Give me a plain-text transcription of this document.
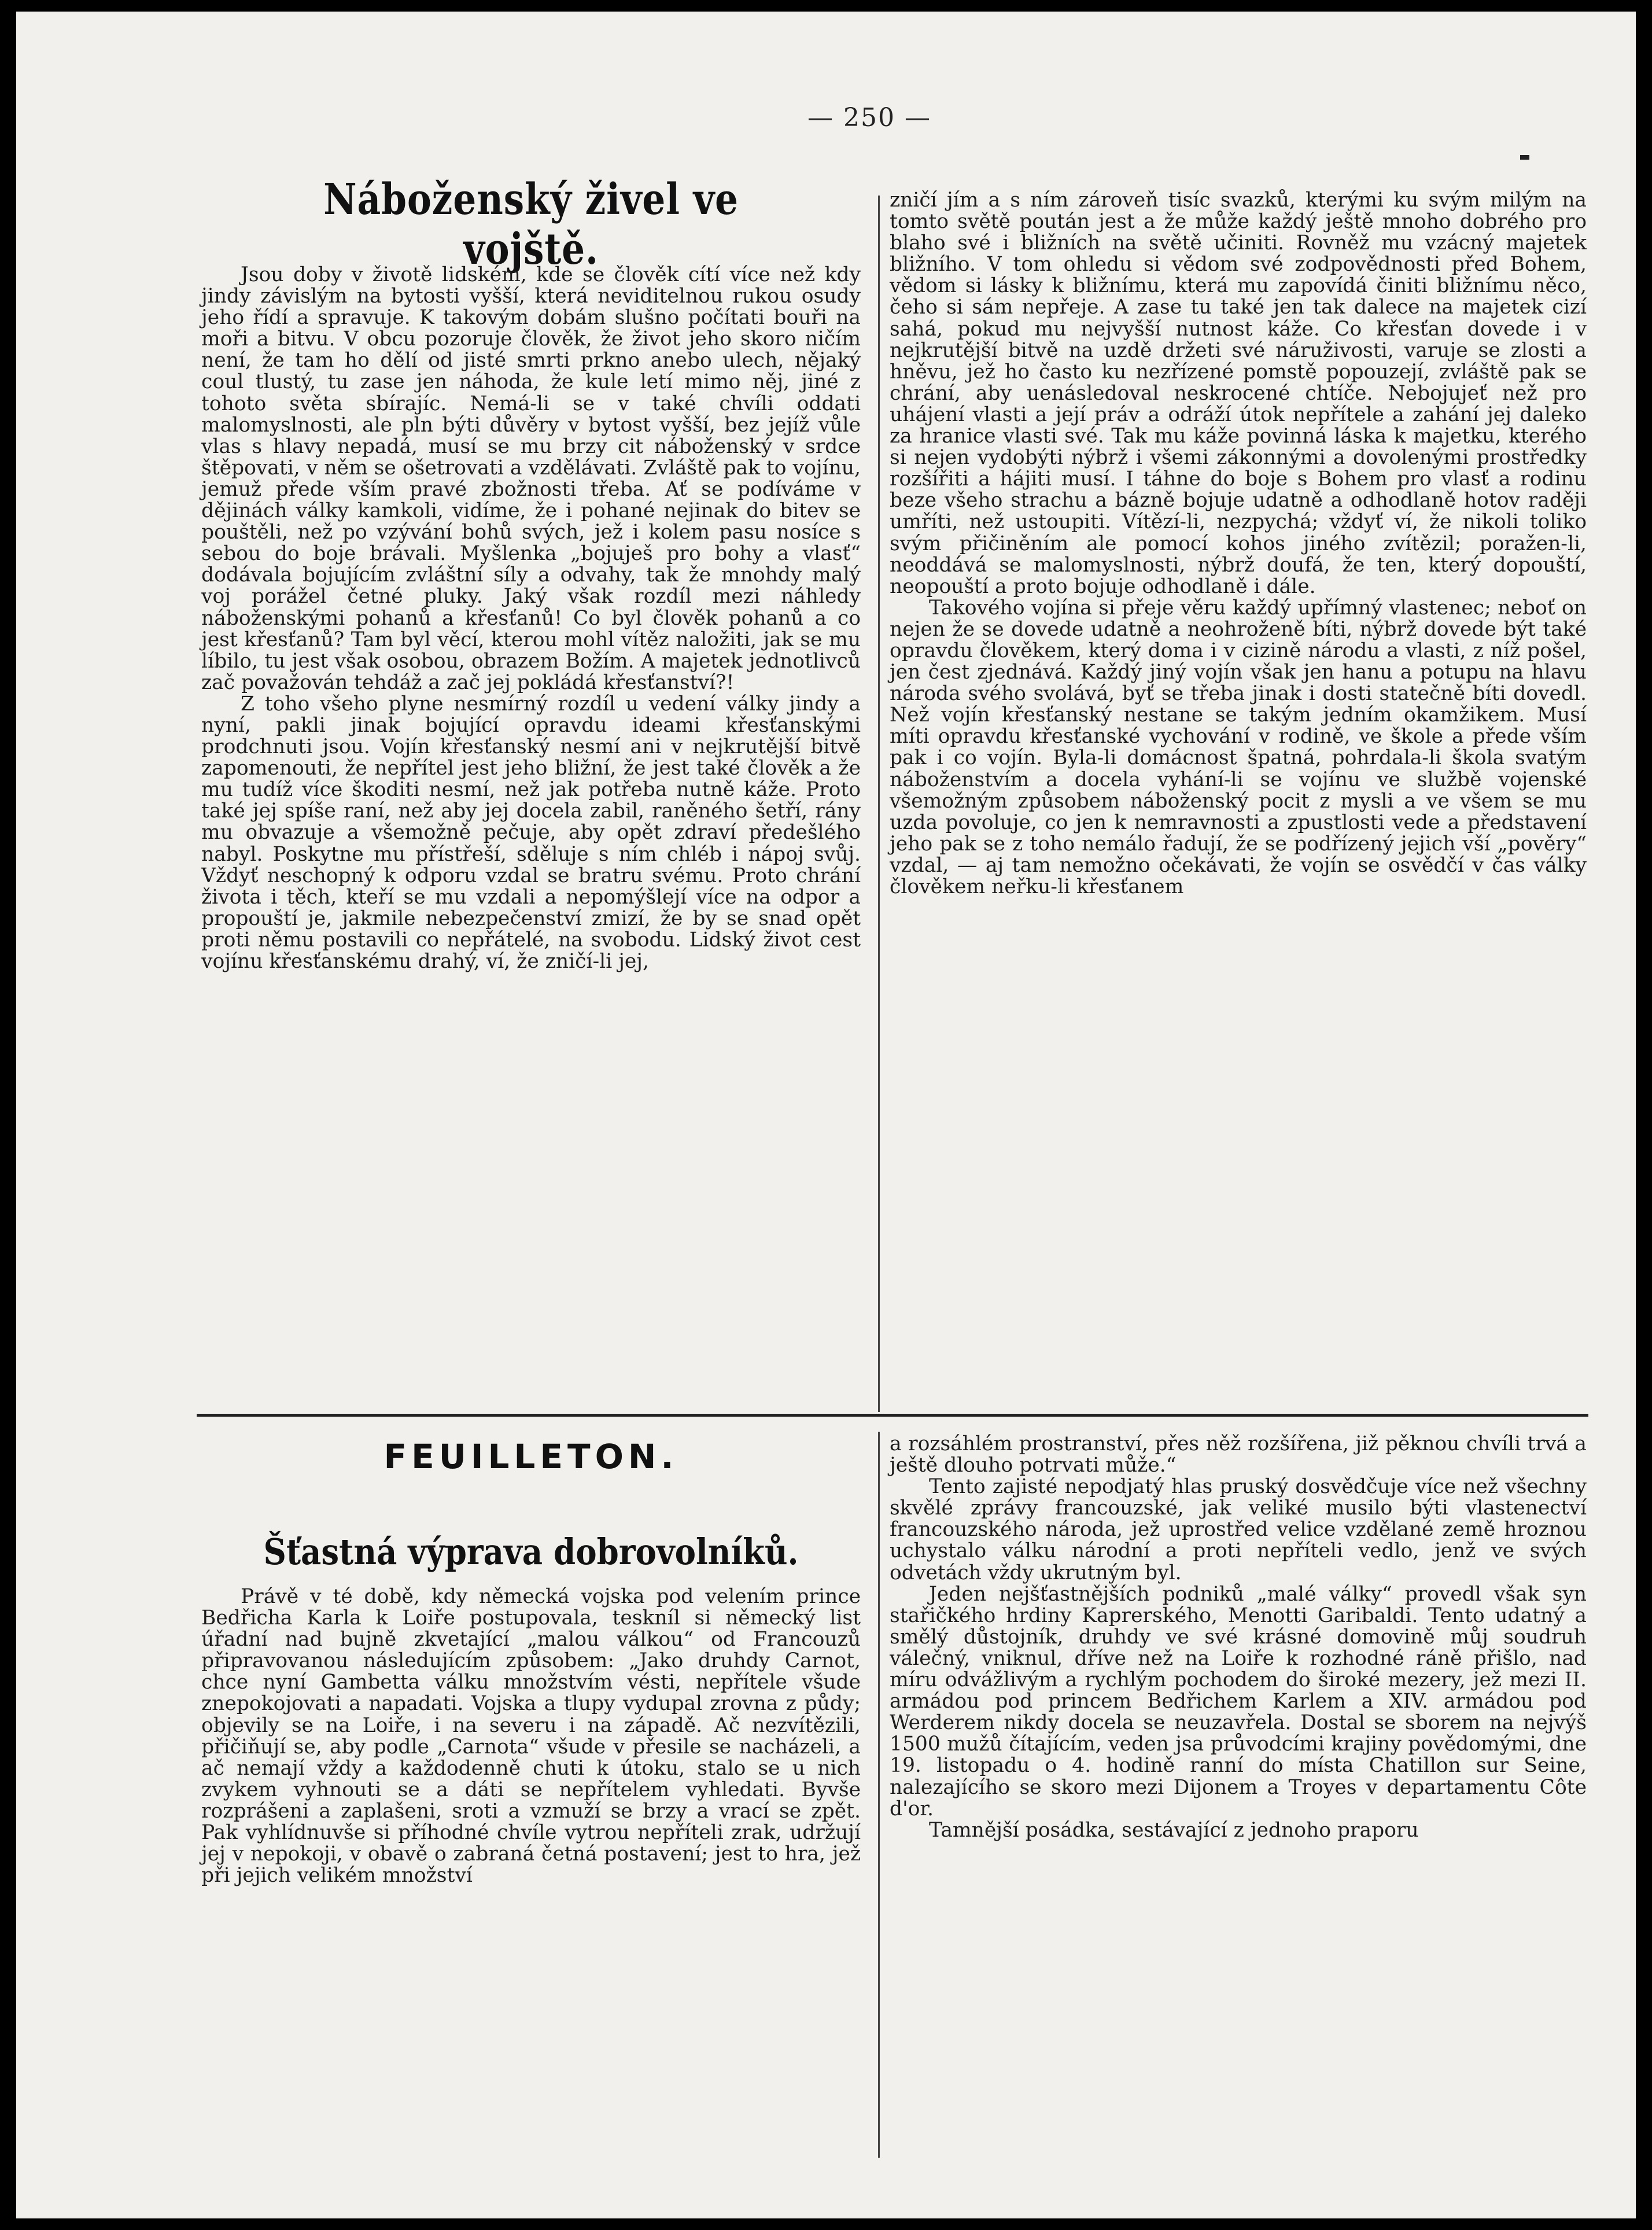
— 250 —
Náboženský živel ve vojště.

Jsou doby v životě lidském, kde se člověk cítí více než kdy jindy závislým na bytosti vyšší, která neviditelnou rukou osudy jeho řídí a spravuje. K takovým dobám slušno počítati bouři na moři a bitvu. V obcu pozoruje člověk, že život jeho skoro ničím není, že tam ho dělí od jisté smrti prkno anebo ulech, nějaký coul tlustý, tu zase jen náhoda, že kule letí mimo něj, jiné z tohoto světa sbírajíc. Nemá-li se v také chvíli oddati malomyslnosti, ale pln býti důvěry v bytost vyšší, bez jejíž vůle vlas s hlavy nepadá, musí se mu brzy cit náboženský v srdce štěpovati, v něm se ošetrovati a vzdělávati. Zvláště pak to vojínu, jemuž přede vším pravé zbožnosti třeba. Ať se podíváme v dějinách války kamkoli, vidíme, že i pohané nejinak do bitev se pouštěli, než po vzývání bohů svých, jež i kolem pasu nosíce s sebou do boje brávali. Myšlenka „bojuješ pro bohy a vlasť“ dodávala bojujícím zvláštní síly a odvahy, tak že mnohdy malý voj porážel četné pluky. Jaký však rozdíl mezi náhledy náboženskými pohanů a křesťanů! Co byl člověk pohanů a co jest křesťanů? Tam byl věcí, kterou mohl vítěz naložiti, jak se mu líbilo, tu jest však osobou, obrazem Božím. A majetek jednotlivců zač považován tehdáž a zač jej pokládá křesťanství?!

Z toho všeho plyne nesmírný rozdíl u vedení války jindy a nyní, pakli jinak bojující opravdu ideami křesťanskými prodchnuti jsou. Vojín křesťanský nesmí ani v nejkrutější bitvě zapomenouti, že nepřítel jest jeho bližní, že jest také člověk a že mu tudíž více škoditi nesmí, než jak potřeba nutně káže. Proto také jej spíše raní, než aby jej docela zabil, raněného šetří, rány mu obvazuje a všemožně pečuje, aby opět zdraví předešlého nabyl. Poskytne mu přístřeší, sděluje s ním chléb i nápoj svůj. Vždyť neschopný k odporu vzdal se bratru svému. Proto chrání života i těch, kteří se mu vzdali a nepomýšlejí více na odpor a propouští je, jakmile nebezpečenství zmizí, že by se snad opět proti němu postavili co nepřátelé, na svobodu. Lidský život cest vojínu křesťanskému drahý, ví, že zničí-li jej,

zničí jím a s ním zároveň tisíc svazků, kterými ku svým milým na tomto světě poután jest a že může každý ještě mnoho dobrého pro blaho své i bližních na světě učiniti. Rovněž mu vzácný majetek bližního. V tom ohledu si vědom své zodpovědnosti před Bohem, vědom si lásky k bližnímu, která mu zapovídá činiti bližnímu něco, čeho si sám nepřeje. A zase tu také jen tak dalece na majetek cizí sahá, pokud mu nejvyšší nutnost káže. Co křesťan dovede i v nejkrutější bitvě na uzdě držeti své náruživosti, varuje se zlosti a hněvu, jež ho často ku nezřízené pomstě popouzejí, zvláště pak se chrání, aby uenásledoval neskrocené chtíče. Nebojujeť než pro uhájení vlasti a její práv a odráží útok nepřítele a zahání jej daleko za hranice vlasti své. Tak mu káže povinná láska k majetku, kterého si nejen vydobýti nýbrž i všemi zákonnými a dovolenými prostředky rozšířiti a hájiti musí. I táhne do boje s Bohem pro vlasť a rodinu beze všeho strachu a bázně bojuje udatně a odhodlaně hotov raději umříti, než ustoupiti. Vítězí-li, nezpychá; vždyť ví, že nikoli toliko svým přičiněním ale pomocí kohos jiného zvítězil; poražen-li, neoddává se malomyslnosti, nýbrž doufá, že ten, který dopouští, neopouští a proto bojuje odhodlaně i dále.

Takového vojína si přeje věru každý upřímný vlastenec; neboť on nejen že se dovede udatně a neohroženě bíti, nýbrž dovede být také opravdu člověkem, který doma i v cizině národu a vlasti, z níž pošel, jen čest zjednává. Každý jiný vojín však jen hanu a potupu na hlavu národa svého svolává, byť se třeba jinak i dosti statečně bíti dovedl. Než vojín křesťanský nestane se takým jedním okamžikem. Musí míti opravdu křesťanské vychování v rodině, ve škole a přede vším pak i co vojín. Byla-li domácnost špatná, pohrdala-li škola svatým náboženstvím a docela vyhání-li se vojínu ve službě vojenské všemožným způsobem náboženský pocit z mysli a ve všem se mu uzda povoluje, co jen k nemravnosti a zpustlosti vede a představení jeho pak se z toho nemálo řadují, že se podřízený jejich vší „pověry“ vzdal, — aj tam nemožno očekávati, že vojín se osvědčí v čas války člověkem neřku-li křesťanem

FEUILLETON.
Šťastná výprava dobrovolníků.

Právě v té době, kdy německá vojska pod velením prince Bedřicha Karla k Loiře postupovala, teskníl si německý list úřadní nad bujně zkvetající „malou válkou“ od Francouzů připravovanou následujícím způsobem: „Jako druhdy Carnot, chce nyní Gambetta válku množstvím vésti, nepřítele všude znepokojovati a napadati. Vojska a tlupy vydupal zrovna z půdy; objevily se na Loiře, i na severu i na západě. Ač nezvítězili, přičiňují se, aby podle „Carnota“ všude v přesile se nacházeli, a ač nemají vždy a každodenně chuti k útoku, stalo se u nich zvykem vyhnouti se a dáti se nepřítelem vyhledati. Byvše rozprášeni a zaplašeni, sroti a vzmuží se brzy a vrací se zpět. Pak vyhlídnuvše si příhodné chvíle vytrou nepříteli zrak, udržují jej v nepokoji, v obavě o zabraná četná postavení; jest to hra, jež při jejich velikém množství

a rozsáhlém prostranství, přes něž rozšířena, již pěknou chvíli trvá a ještě dlouho potrvati může.“

Tento zajisté nepodjatý hlas pruský dosvědčuje více než všechny skvělé zprávy francouzské, jak veliké musilo býti vlastenectví francouzského národa, jež uprostřed velice vzdělané země hroznou uchystalo válku národní a proti nepříteli vedlo, jenž ve svých odvetách vždy ukrutným byl.

Jeden nejšťastnějších podniků „malé války“ provedl však syn stařičkého hrdiny Kaprerského, Menotti Garibaldi. Tento udatný a smělý důstojník, druhdy ve své krásné domovině můj soudruh válečný, vniknul, dříve než na Loiře k rozhodné ráně přišlo, nad míru odvážlivým a rychlým pochodem do široké mezery, jež mezi II. armádou pod princem Bedřichem Karlem a XIV. armádou pod Werderem nikdy docela se neuzavřela. Dostal se sborem na nejvýš 1500 mužů čítajícím, veden jsa průvodcími krajiny povědomými, dne 19. listopadu o 4. hodině ranní do místa Chatillon sur Seine, nalezajícího se skoro mezi Dijonem a Troyes v departamentu Côte d'or.

Tamnější posádka, sestávající z jednoho praporu
